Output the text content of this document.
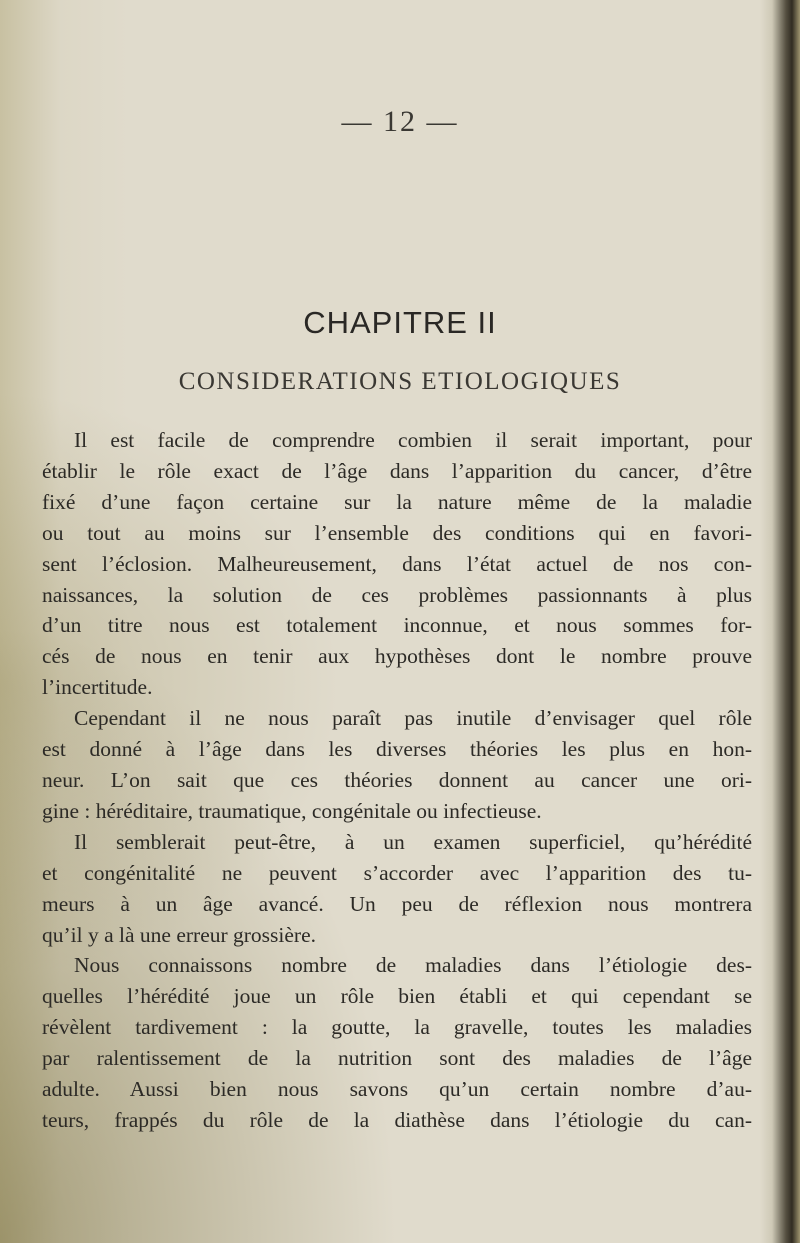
— 12 —
CHAPITRE II
CONSIDERATIONS ETIOLOGIQUES
Il est facile de comprendre combien il serait important, pour
établir le rôle exact de l’âge dans l’apparition du cancer, d’être
fixé d’une façon certaine sur la nature même de la maladie
ou tout au moins sur l’ensemble des conditions qui en favori-
sent l’éclosion. Malheureusement, dans l’état actuel de nos con-
naissances, la solution de ces problèmes passionnants à plus
d’un titre nous est totalement inconnue, et nous sommes for-
cés de nous en tenir aux hypothèses dont le nombre prouve
l’incertitude.
Cependant il ne nous paraît pas inutile d’envisager quel rôle
est donné à l’âge dans les diverses théories les plus en hon-
neur. L’on sait que ces théories donnent au cancer une ori-
gine : héréditaire, traumatique, congénitale ou infectieuse.
Il semblerait peut-être, à un examen superficiel, qu’hérédité
et congénitalité ne peuvent s’accorder avec l’apparition des tu-
meurs à un âge avancé. Un peu de réflexion nous montrera
qu’il y a là une erreur grossière.
Nous connaissons nombre de maladies dans l’étiologie des-
quelles l’hérédité joue un rôle bien établi et qui cependant se
révèlent tardivement : la goutte, la gravelle, toutes les maladies
par ralentissement de la nutrition sont des maladies de l’âge
adulte. Aussi bien nous savons qu’un certain nombre d’au-
teurs, frappés du rôle de la diathèse dans l’étiologie du can-
